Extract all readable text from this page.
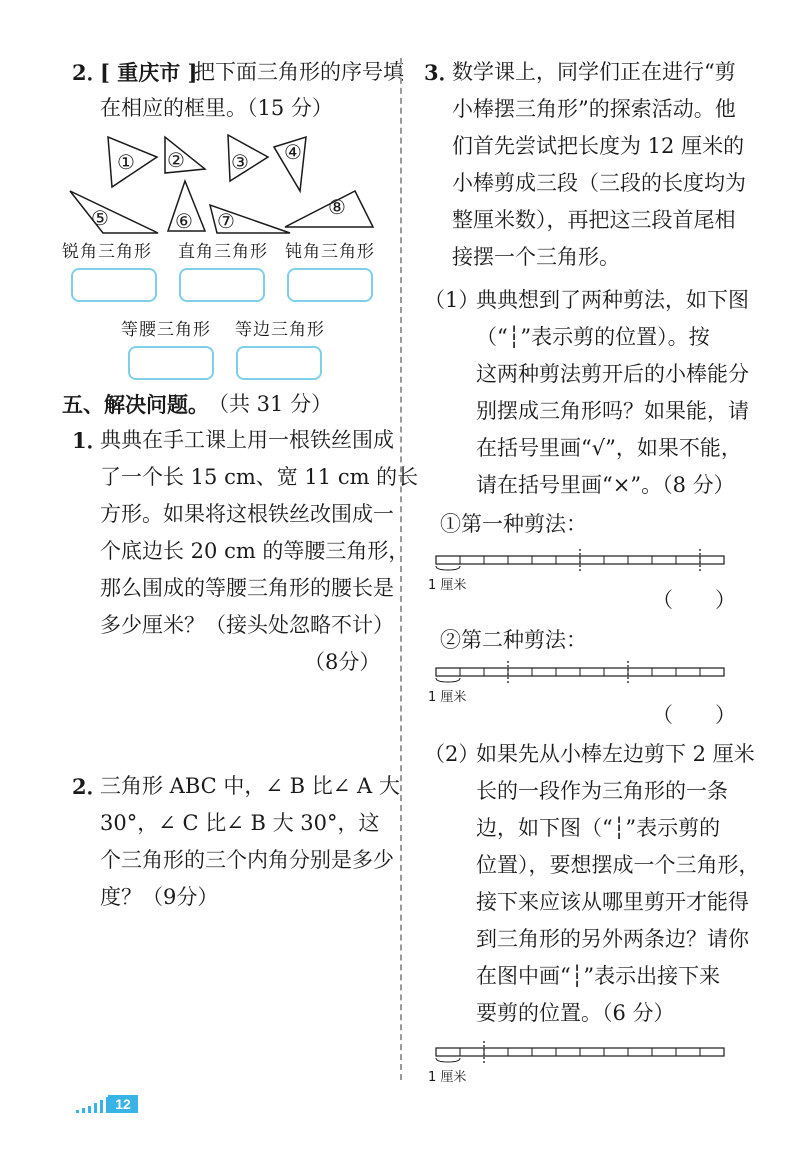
2．
[ 重庆市 ]
把下面三角形的序号填
在相应的框里。（15 分）
① ② ③ ④
⑤	⑥ ⑦
⑧
锐角三角形 直角三角形 钝角三角形
等腰三角形 等边三角形
五、解决问题。 （共 31 分）
1．
典典在手工课上用一根铁丝围成
了一个长 15 cm、宽 11 cm 的长
方形。如果将这根铁丝改围成一
个底边长 20 cm 的等腰三角形，
那么围成的等腰三角形的腰长是
多少厘米？（接头处忽略不计）
（8分）
2．
三角形 ABC 中，∠ B 比∠ A 大
30°，∠ C 比∠ B 大 30°，这
个三角形的三个内角分别是多少
度？（9分）
3．
数学课上，同学们正在进行“剪
小棒摆三角形”的探索活动。他
们首先尝试把长度为 12 厘米的
小棒剪成三段（三段的长度均为
整厘米数），再把这三段首尾相
接摆一个三角形。
（1）
典典想到了两种剪法，如下图
（“┆”表示剪的位置）。按
这两种剪法剪开后的小棒能分
别摆成三角形吗？如果能，请
在括号里画“√”，如果不能，
请在括号里画“×”。（8 分）
①第一种剪法：
1 厘米
（　　）
②第二种剪法：
1 厘米
（　　）
（2）
如果先从小棒左边剪下 2 厘米
长的一段作为三角形的一条
边，如下图（“┆”表示剪的
位置），要想摆成一个三角形，
接下来应该从哪里剪开才能得
到三角形的另外两条边？请你
在图中画“┆”表示出接下来
要剪的位置。（6 分）
1 厘米
12
